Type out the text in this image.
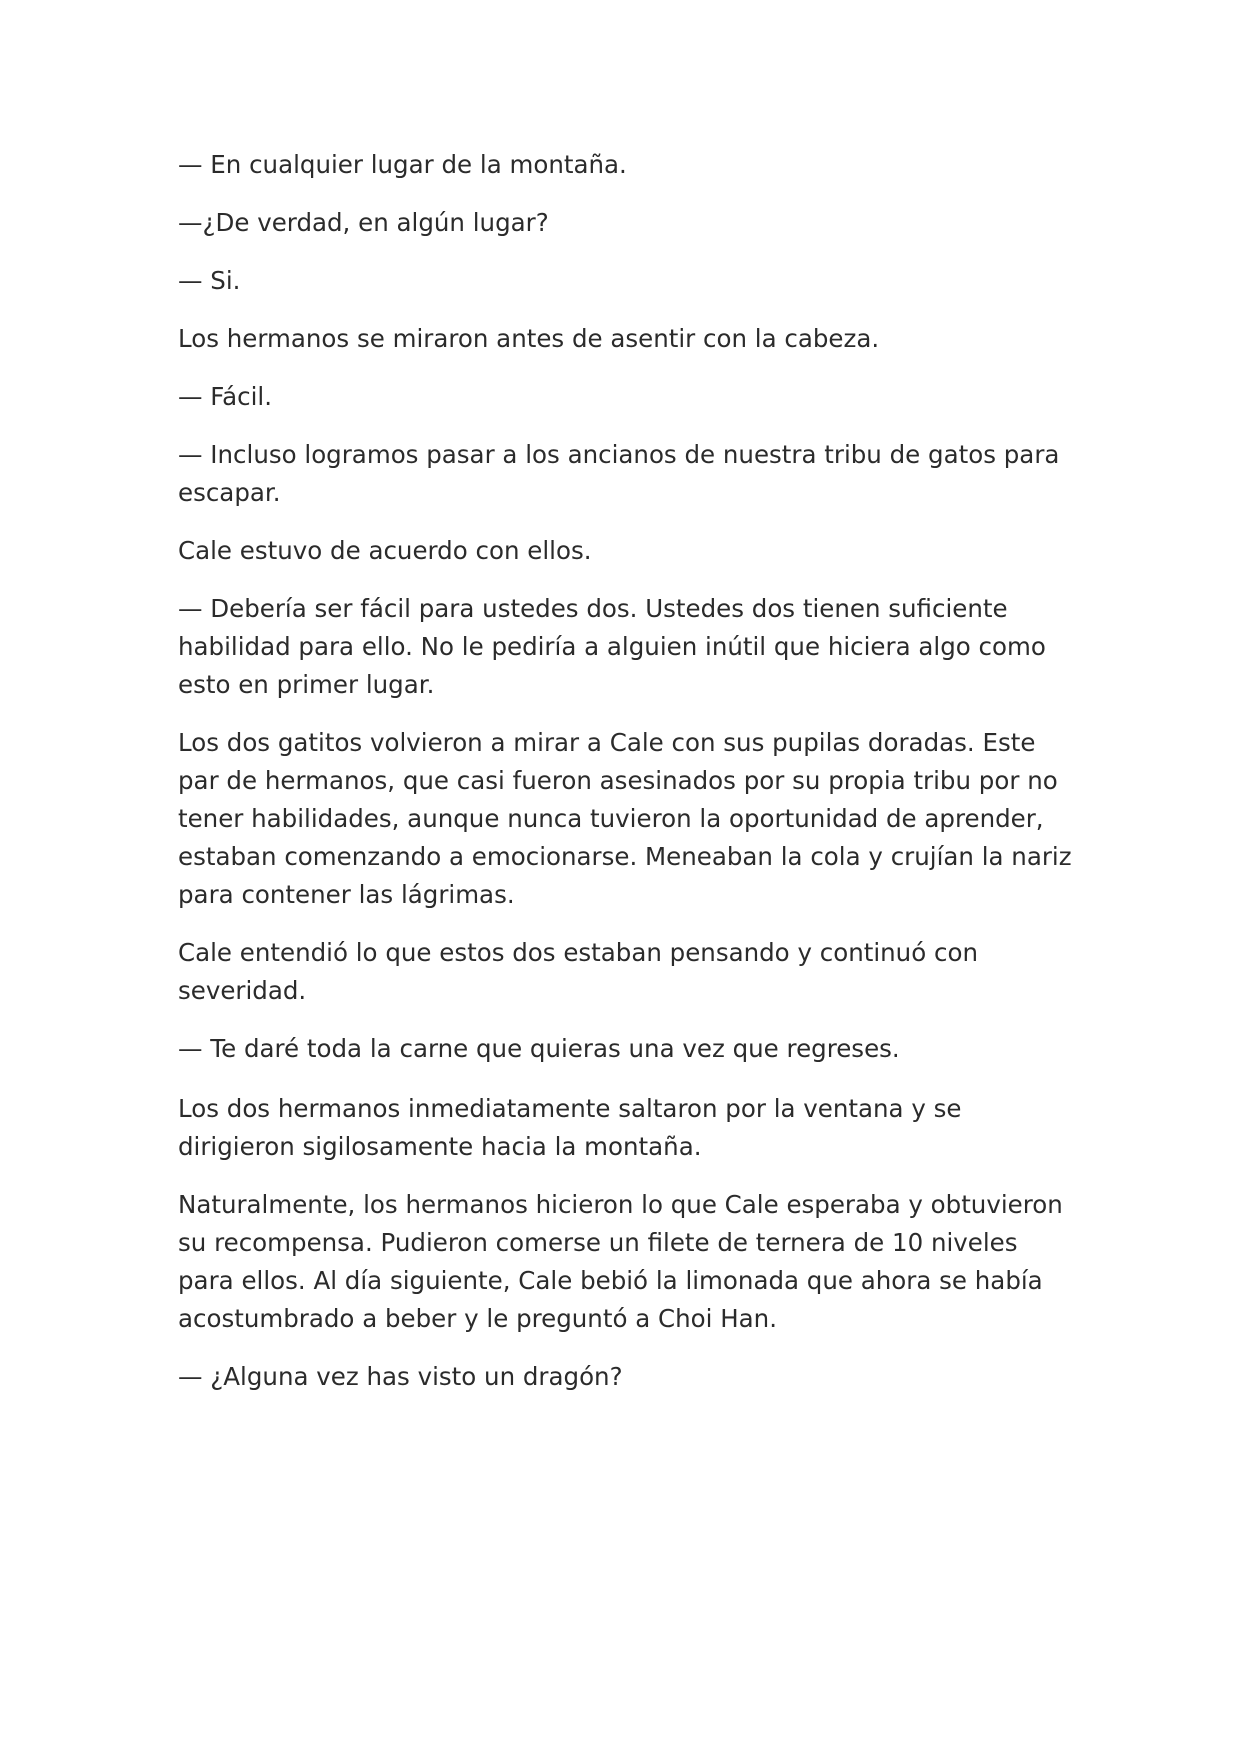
— En cualquier lugar de la montaña.

—¿De verdad, en algún lugar?

— Si.

Los hermanos se miraron antes de asentir con la cabeza.

— Fácil.

— Incluso logramos pasar a los ancianos de nuestra tribu de gatos para escapar.

Cale estuvo de acuerdo con ellos.

— Debería ser fácil para ustedes dos. Ustedes dos tienen suficiente habilidad para ello. No le pediría a alguien inútil que hiciera algo como esto en primer lugar.

Los dos gatitos volvieron a mirar a Cale con sus pupilas doradas. Este par de hermanos, que casi fueron asesinados por su propia tribu por no tener habilidades, aunque nunca tuvieron la oportunidad de aprender, estaban comenzando a emocionarse. Meneaban la cola y crujían la nariz para contener las lágrimas.

Cale entendió lo que estos dos estaban pensando y continuó con severidad.

— Te daré toda la carne que quieras una vez que regreses.

Los dos hermanos inmediatamente saltaron por la ventana y se dirigieron sigilosamente hacia la montaña.

Naturalmente, los hermanos hicieron lo que Cale esperaba y obtuvieron su recompensa. Pudieron comerse un filete de ternera de 10 niveles para ellos. Al día siguiente, Cale bebió la limonada que ahora se había acostumbrado a beber y le preguntó a Choi Han.

— ¿Alguna vez has visto un dragón?
